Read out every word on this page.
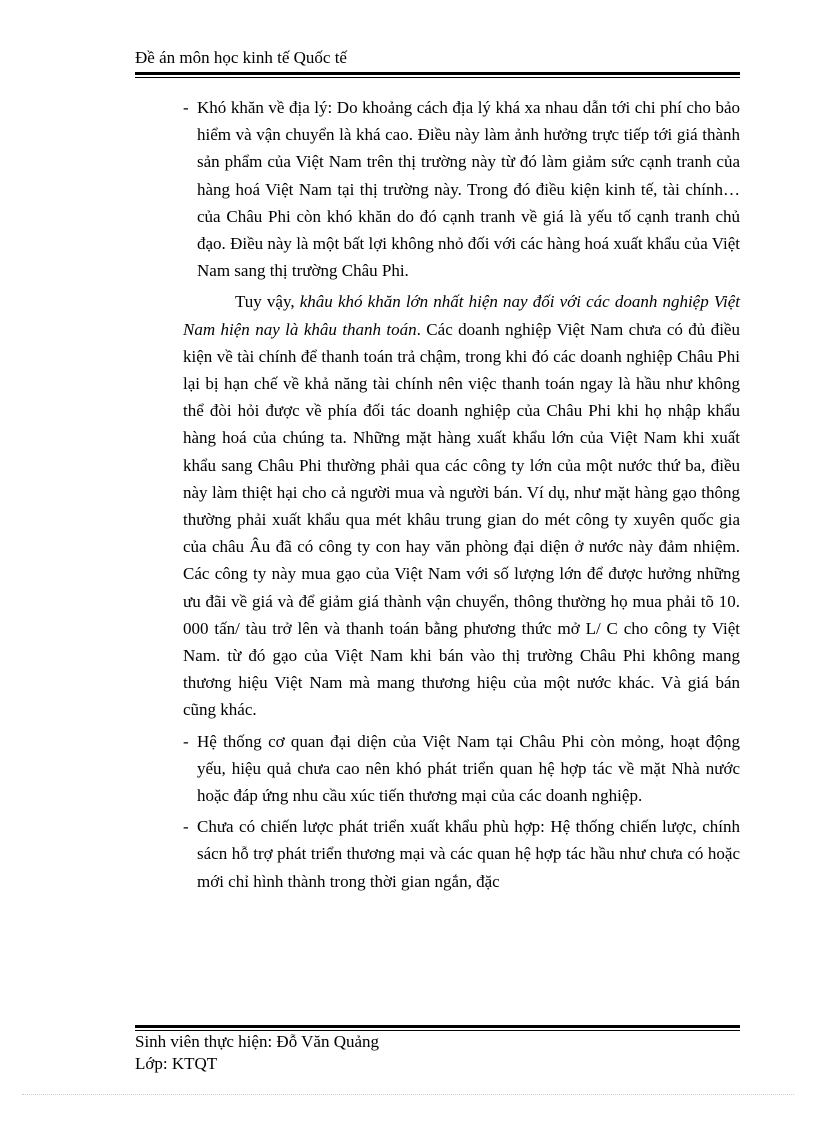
Đề án môn học kinh tế Quốc tế
- Khó khăn về địa lý: Do khoảng cách địa lý khá xa nhau dẫn tới chi phí cho bảo hiểm và vận chuyển là khá cao. Điều này làm ảnh hưởng trực tiếp tới giá thành sản phẩm của Việt Nam trên thị trường này từ đó làm giảm sức cạnh tranh của hàng hoá Việt Nam tại thị trường này. Trong đó điều kiện kinh tế, tài chính… của Châu Phi còn khó khăn do đó cạnh tranh về giá là yếu tố cạnh tranh chủ đạo. Điều này là một bất lợi không nhỏ đối với các hàng hoá xuất khẩu của Việt Nam sang thị trường Châu Phi.
Tuy vậy, khâu khó khăn lớn nhất hiện nay đối với các doanh nghiệp Việt Nam hiện nay là khâu thanh toán. Các doanh nghiệp Việt Nam chưa có đủ điều kiện về tài chính để thanh toán trả chậm, trong khi đó các doanh nghiệp Châu Phi lại bị hạn chế về khả năng tài chính nên việc thanh toán ngay là hầu như không thể đòi hỏi được về phía đối tác doanh nghiệp của Châu Phi khi họ nhập khẩu hàng hoá của chúng ta. Những mặt hàng xuất khẩu lớn của Việt Nam khi xuất khẩu sang Châu Phi thường phải qua các công ty lớn của một nước thứ ba, điều này làm thiệt hại cho cả người mua và người bán. Ví dụ, như mặt hàng gạo thông thường phải xuất khẩu qua mét khâu trung gian do mét công ty xuyên quốc gia của châu Âu đã có công ty con hay văn phòng đại diện ở nước này đảm nhiệm. Các công ty này mua gạo của Việt Nam với số lượng lớn để được hưởng những ưu đãi về giá và để giảm giá thành vận chuyển, thông thường họ mua phải tõ 10. 000 tấn/ tàu trở lên và thanh toán bằng phương thức mở L/ C cho công ty Việt Nam. từ đó gạo của Việt Nam khi bán vào thị trường Châu Phi không mang thương hiệu Việt Nam mà mang thương hiệu của một nước khác. Và giá bán cũng khác.
- Hệ thống cơ quan đại diện của Việt Nam tại Châu Phi còn mỏng, hoạt động yếu, hiệu quả chưa cao nên khó phát triển quan hệ hợp tác về mặt Nhà nước hoặc đáp ứng nhu cầu xúc tiến thương mại của các doanh nghiệp.
- Chưa có chiến lược phát triển xuất khẩu phù hợp: Hệ thống chiến lược, chính sácn hỗ trợ phát triển thương mại và các quan hệ hợp tác hầu như chưa có hoặc mới chỉ hình thành trong thời gian ngắn, đặc
Sinh viên thực hiện: Đỗ Văn Quảng
Lớp: KTQT
